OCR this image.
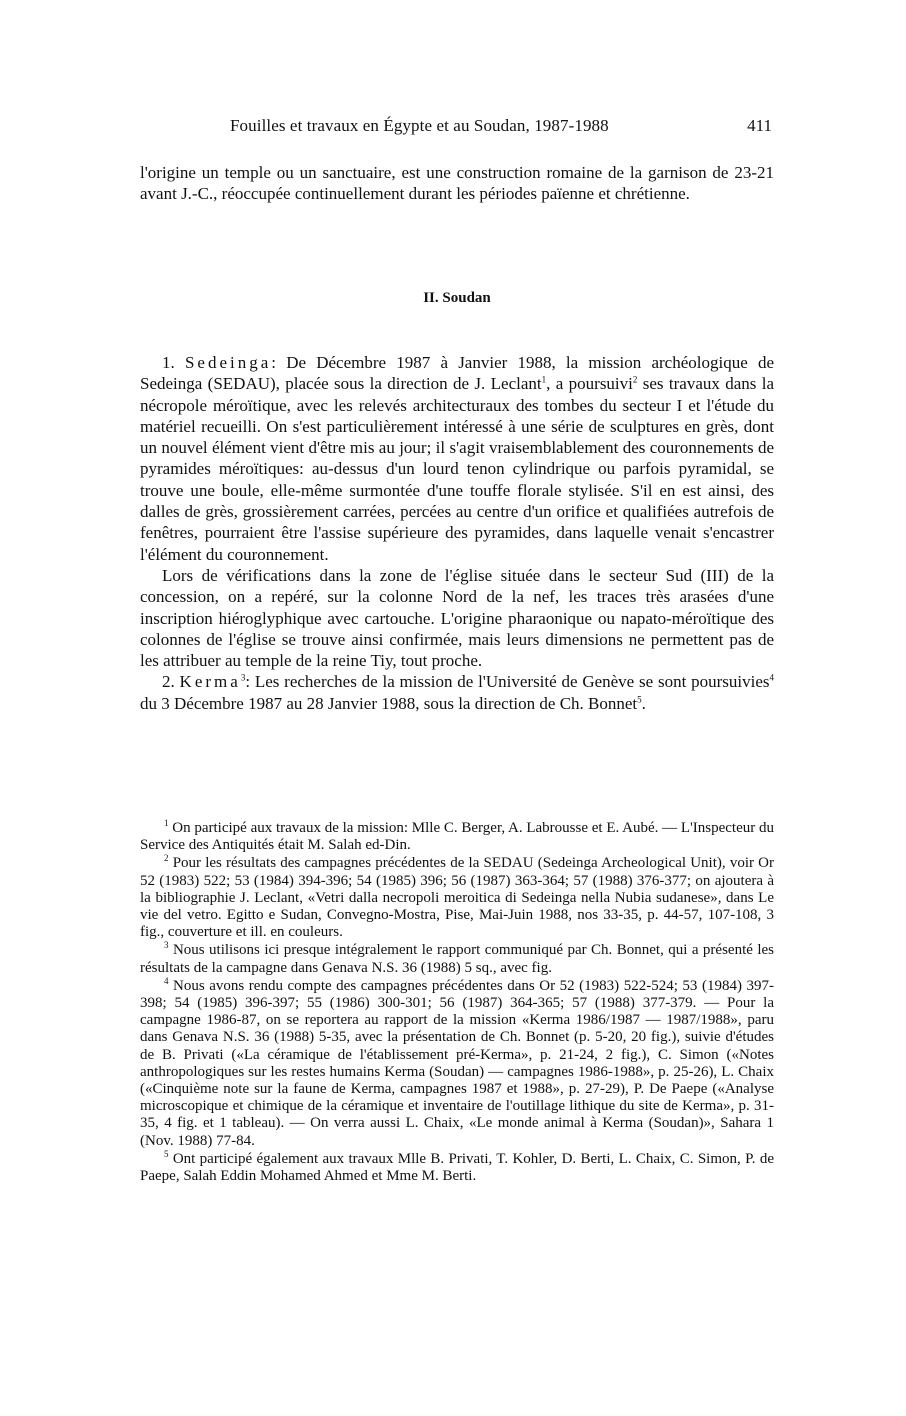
Fouilles et travaux en Égypte et au Soudan, 1987-1988	411

l'origine un temple ou un sanctuaire, est une construction romaine de la garnison de 23-21 avant J.-C., réoccupée continuellement durant les périodes païenne et chrétienne.

II. Soudan

1. Sedeinga: De Décembre 1987 à Janvier 1988, la mission archéologique de Sedeinga (SEDAU), placée sous la direction de J. Leclant$^1$, a poursuivi$^2$ ses travaux dans la nécropole méroïtique, avec les relevés architecturaux des tombes du secteur I et l'étude du matériel recueilli. On s'est particulièrement intéressé à une série de sculptures en grès, dont un nouvel élément vient d'être mis au jour; il s'agit vraisemblablement des couronnements de pyramides méroïtiques: au-dessus d'un lourd tenon cylindrique ou parfois pyramidal, se trouve une boule, elle-même surmontée d'une touffe florale stylisée. S'il en est ainsi, des dalles de grès, grossièrement carrées, percées au centre d'un orifice et qualifiées autrefois de fenêtres, pourraient être l'assise supérieure des pyramides, dans laquelle venait s'encastrer l'élément du couronnement.

Lors de vérifications dans la zone de l'église située dans le secteur Sud (III) de la concession, on a repéré, sur la colonne Nord de la nef, les traces très arasées d'une inscription hiéroglyphique avec cartouche. L'origine pharaonique ou napato-méroïtique des colonnes de l'église se trouve ainsi confirmée, mais leurs dimensions ne permettent pas de les attribuer au temple de la reine Tiy, tout proche.

2. Kerma$^3$: Les recherches de la mission de l'Université de Genève se sont poursuivies$^4$ du 3 Décembre 1987 au 28 Janvier 1988, sous la direction de Ch. Bonnet$^5$.

$^1$ On participé aux travaux de la mission: Mlle C. Berger, A. Labrousse et E. Aubé. — L'Inspecteur du Service des Antiquités était M. Salah ed-Din.

$^2$ Pour les résultats des campagnes précédentes de la SEDAU (Sedeinga Archeological Unit), voir Or 52 (1983) 522; 53 (1984) 394-396; 54 (1985) 396; 56 (1987) 363-364; 57 (1988) 376-377; on ajoutera à la bibliographie J. Leclant, «Vetri dalla necropoli meroitica di Sedeinga nella Nubia sudanese», dans Le vie del vetro. Egitto e Sudan, Convegno-Mostra, Pise, Mai-Juin 1988, nos 33-35, p. 44-57, 107-108, 3 fig., couverture et ill. en couleurs.

$^3$ Nous utilisons ici presque intégralement le rapport communiqué par Ch. Bonnet, qui a présenté les résultats de la campagne dans Genava N.S. 36 (1988) 5 sq., avec fig.

$^4$ Nous avons rendu compte des campagnes précédentes dans Or 52 (1983) 522-524; 53 (1984) 397-398; 54 (1985) 396-397; 55 (1986) 300-301; 56 (1987) 364-365; 57 (1988) 377-379. — Pour la campagne 1986-87, on se reportera au rapport de la mission «Kerma 1986/1987 — 1987/1988», paru dans Genava N.S. 36 (1988) 5-35, avec la présentation de Ch. Bonnet (p. 5-20, 20 fig.), suivie d'études de B. Privati («La céramique de l'établissement pré-Kerma», p. 21-24, 2 fig.), C. Simon («Notes anthropologiques sur les restes humains Kerma (Soudan) — campagnes 1986-1988», p. 25-26), L. Chaix («Cinquième note sur la faune de Kerma, campagnes 1987 et 1988», p. 27-29), P. De Paepe («Analyse microscopique et chimique de la céramique et inventaire de l'outillage lithique du site de Kerma», p. 31-35, 4 fig. et 1 tableau). — On verra aussi L. Chaix, «Le monde animal à Kerma (Soudan)», Sahara 1 (Nov. 1988) 77-84.

$^5$ Ont participé également aux travaux Mlle B. Privati, T. Kohler, D. Berti, L. Chaix, C. Simon, P. de Paepe, Salah Eddin Mohamed Ahmed et Mme M. Berti.
